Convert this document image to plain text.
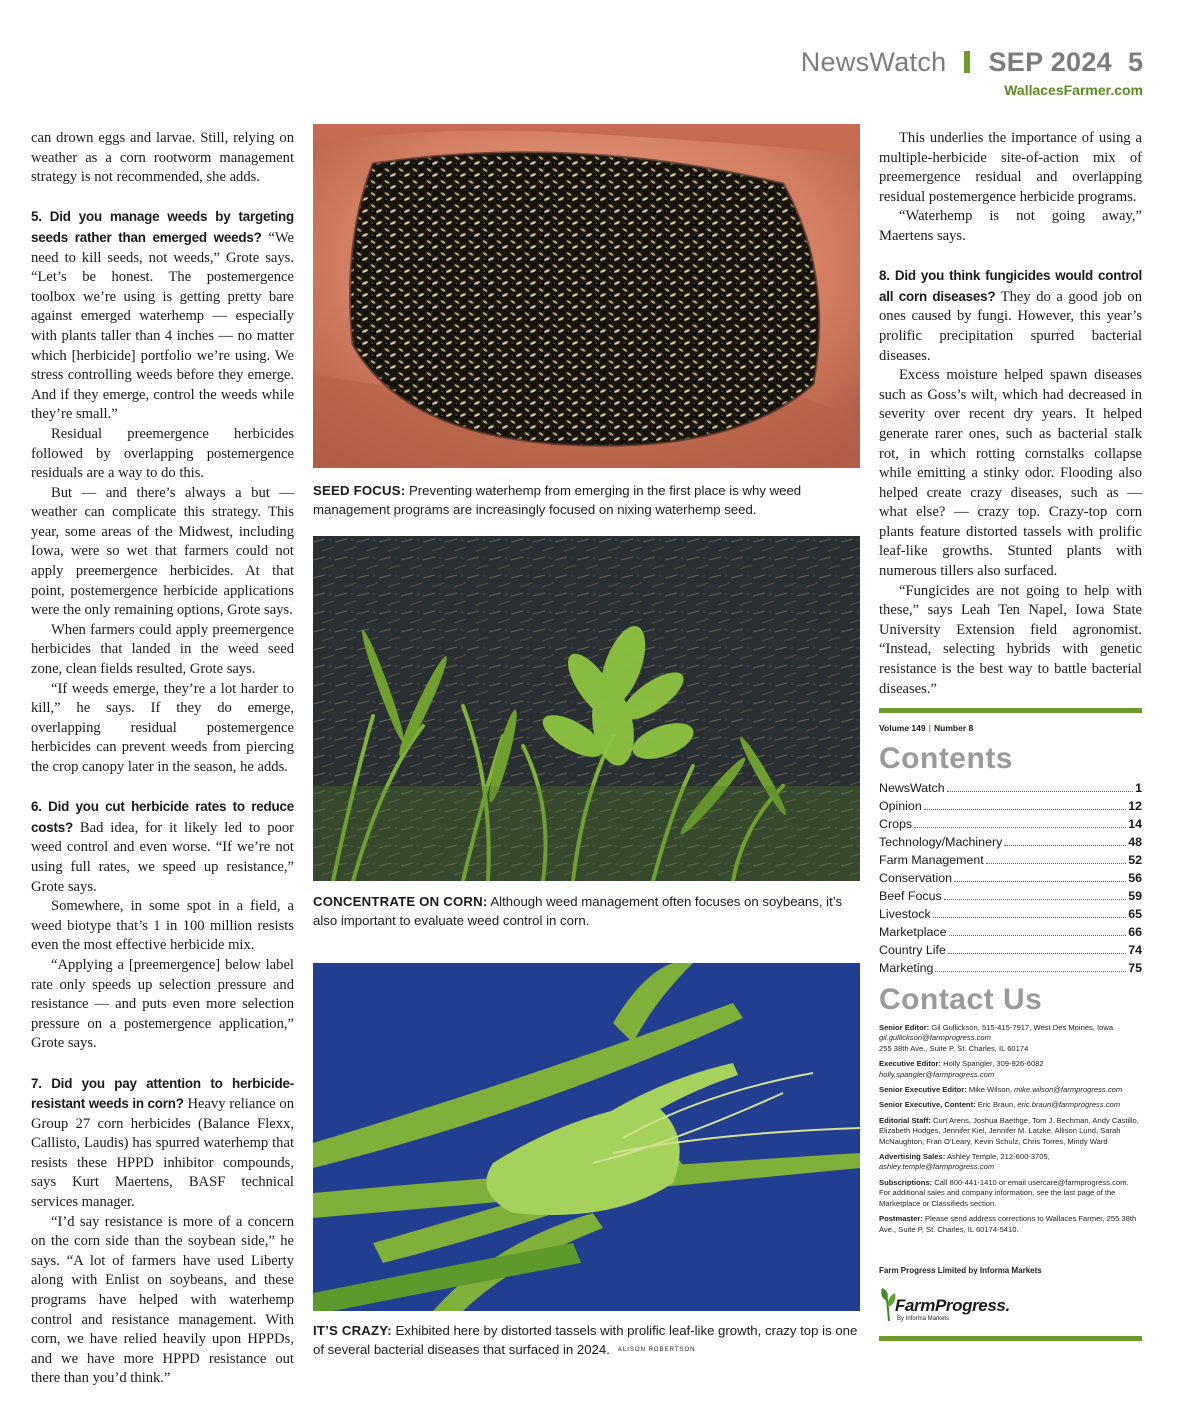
NewsWatch SEP 2024 5
WallacesFarmer.com

can drown eggs and larvae. Still, relying on weather as a corn rootworm management strategy is not recommended, she adds.

5. Did you manage weeds by targeting seeds rather than emerged weeds? “We need to kill seeds, not weeds,” Grote says. “Let’s be honest. The postemergence toolbox we’re using is getting pretty bare against emerged waterhemp — especially with plants taller than 4 inches — no matter which [herbicide] portfolio we’re using. We stress controlling weeds before they emerge. And if they emerge, control the weeds while they’re small.”

Residual preemergence herbicides followed by overlapping postemergence residuals are a way to do this.

But — and there’s always a but — weather can complicate this strategy. This year, some areas of the Midwest, including Iowa, were so wet that farmers could not apply preemergence herbicides. At that point, postemergence herbicide applications were the only remaining options, Grote says.

When farmers could apply preemergence herbicides that landed in the weed seed zone, clean fields resulted, Grote says.

“If weeds emerge, they’re a lot harder to kill,” he says. If they do emerge, overlapping residual postemergence herbicides can prevent weeds from piercing the crop canopy later in the season, he adds.

6. Did you cut herbicide rates to reduce costs? Bad idea, for it likely led to poor weed control and even worse. “If we’re not using full rates, we speed up resistance,” Grote says.

Somewhere, in some spot in a field, a weed biotype that’s 1 in 100 million resists even the most effective herbicide mix.

“Applying a [preemergence] below label rate only speeds up selection pressure and resistance — and puts even more selection pressure on a postemergence application,” Grote says.

7. Did you pay attention to herbicide-resistant weeds in corn? Heavy reliance on Group 27 corn herbicides (Balance Flexx, Callisto, Laudis) has spurred waterhemp that resists these HPPD inhibitor compounds, says Kurt Maertens, BASF technical services manager.

“I’d say resistance is more of a concern on the corn side than the soybean side,” he says. “A lot of farmers have used Liberty along with Enlist on soybeans, and these programs have helped with waterhemp control and resistance management. With corn, we have relied heavily upon HPPDs, and we have more HPPD resistance out there than you’d think.”

SEED FOCUS: Preventing waterhemp from emerging in the first place is why weed management programs are increasingly focused on nixing waterhemp seed.
CONCENTRATE ON CORN: Although weed management often focuses on soybeans, it’s also important to evaluate weed control in corn.
IT’S CRAZY: Exhibited here by distorted tassels with prolific leaf-like growth, crazy top is one of several bacterial diseases that surfaced in 2024. ALISON ROBERTSON

This underlies the importance of using a multiple-herbicide site-of-action mix of preemergence residual and overlapping residual postemergence herbicide programs.

“Waterhemp is not going away,” Maertens says.

8. Did you think fungicides would control all corn diseases? They do a good job on ones caused by fungi. However, this year’s prolific precipitation spurred bacterial diseases.

Excess moisture helped spawn diseases such as Goss’s wilt, which had decreased in severity over recent dry years. It helped generate rarer ones, such as bacterial stalk rot, in which rotting cornstalks collapse while emitting a stinky odor. Flooding also helped create crazy diseases, such as — what else? — crazy top. Crazy-top corn plants feature distorted tassels with prolific leaf-like growths. Stunted plants with numerous tillers also surfaced.

“Fungicides are not going to help with these,” says Leah Ten Napel, Iowa State University Extension field agronomist. “Instead, selecting hybrids with genetic resistance is the best way to battle bacterial diseases.”

Volume 149 | Number 8
Contents
NewsWatch	1
Opinion	12
Crops	14
Technology/Machinery	48
Farm Management	52
Conservation	56
Beef Focus	59
Livestock	65
Marketplace	66
Country Life	74
Marketing	75
Contact Us
Senior Editor: Gil Gullickson, 515-415-7917, West Des Moines, Iowa
gil.gullickson@farmprogress.com
255 38th Ave., Suite P, St. Charles, IL 60174
Executive Editor: Holly Spangler, 309-926-6082
holly.spangler@farmprogress.com
Senior Executive Editor: Mike Wilson, mike.wilson@farmprogress.com
Senior Executive, Content: Eric Braun, eric.braun@farmprogress.com
Editorial Staff: Curt Arens, Joshua Baethge, Tom J. Bechman, Andy Castillo, Elizabeth Hodges, Jennifer Kiel, Jennifer M. Latzke, Allison Lund, Sarah McNaughton, Fran O’Leary, Kevin Schulz, Chris Torres, Mindy Ward
Advertising Sales: Ashley Temple, 212-600-3705,
ashley.temple@farmprogress.com
Subscriptions: Call 800-441-1410 or email usercare@farmprogress.com. For additional sales and company information, see the last page of the Marketplace or Classifieds section.
Postmaster: Please send address corrections to Wallaces Farmer, 255 38th Ave., Suite P, St. Charles, IL 60174-5410.
Farm Progress Limited by Informa Markets
FarmProgress.
By Informa Markets
